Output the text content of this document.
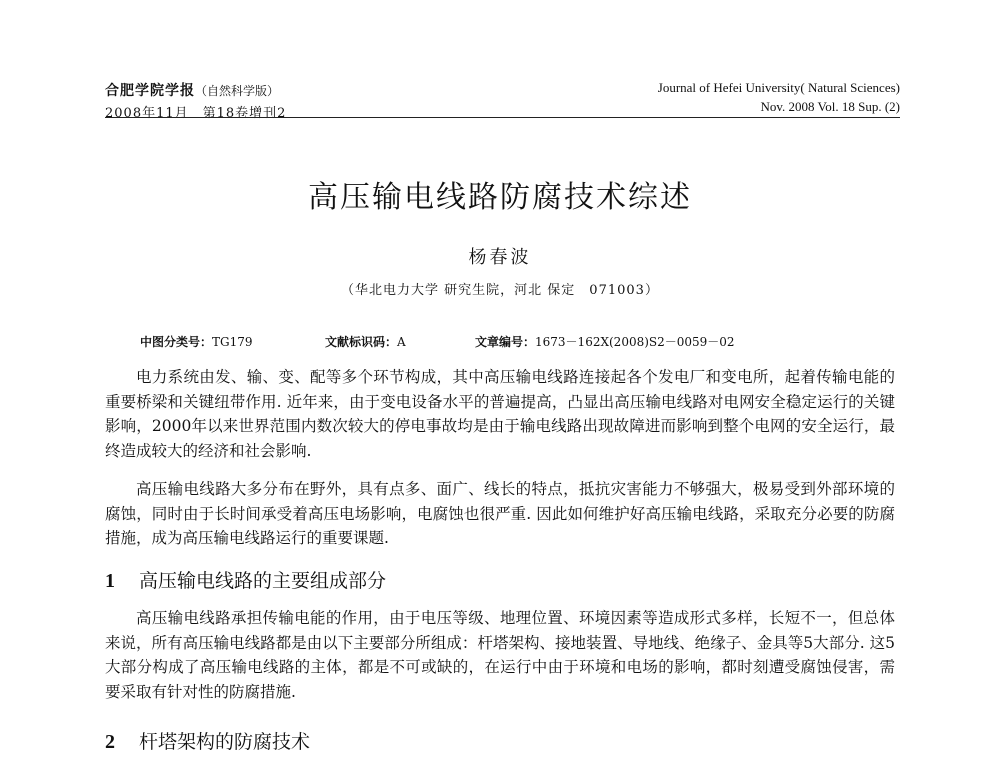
合肥学院学报（自然科学版）
2008年11月　第18卷增刊2
Journal of Hefei University( Natural Sciences)
Nov. 2008 Vol. 18 Sup. (2)
高压输电线路防腐技术综述
杨春波
（华北电力大学 研究生院，河北 保定　071003）
中图分类号：TG179	文献标识码：A	文章编号：1673－162X(2008)S2－0059－02

电力系统由发、输、变、配等多个环节构成，其中高压输电线路连接起各个发电厂和变电所，起着传输电能的重要桥梁和关键纽带作用. 近年来，由于变电设备水平的普遍提高，凸显出高压输电线路对电网安全稳定运行的关键影响，2000年以来世界范围内数次较大的停电事故均是由于输电线路出现故障进而影响到整个电网的安全运行，最终造成较大的经济和社会影响.

高压输电线路大多分布在野外，具有点多、面广、线长的特点，抵抗灾害能力不够强大，极易受到外部环境的腐蚀，同时由于长时间承受着高压电场影响，电腐蚀也很严重. 因此如何维护好高压输电线路，采取充分必要的防腐措施，成为高压输电线路运行的重要课题.

1 高压输电线路的主要组成部分

高压输电线路承担传输电能的作用，由于电压等级、地理位置、环境因素等造成形式多样，长短不一，但总体来说，所有高压输电线路都是由以下主要部分所组成：杆塔架构、接地装置、导地线、绝缘子、金具等5大部分. 这5大部分构成了高压输电线路的主体，都是不可或缺的，在运行中由于环境和电场的影响，都时刻遭受腐蚀侵害，需要采取有针对性的防腐措施.

2 杆塔架构的防腐技术
